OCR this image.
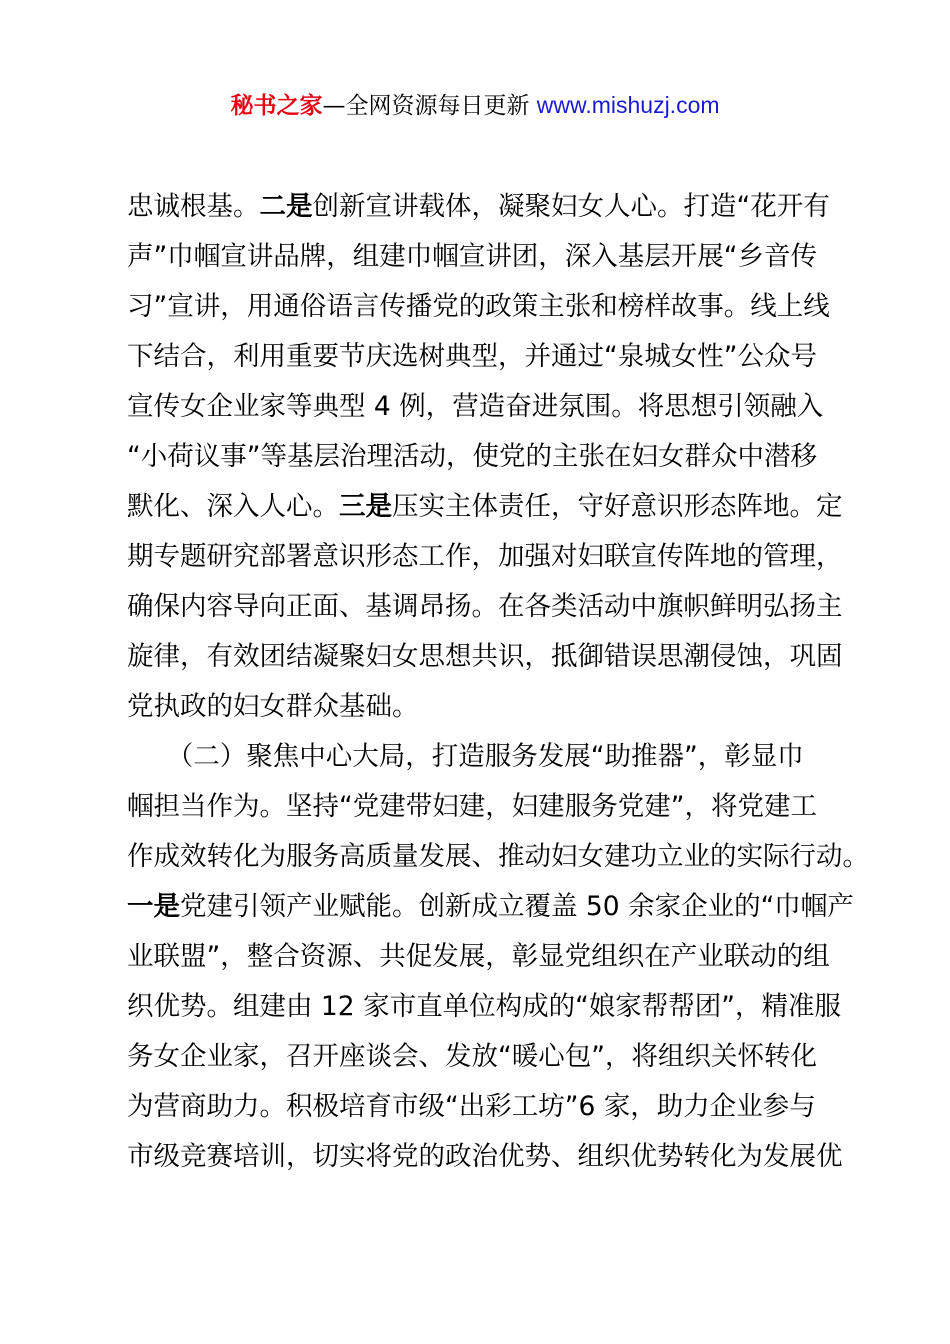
秘书之家—全网资源每日更新 www.mishuzj.com
忠诚根基。二是创新宣讲载体，凝聚妇女人心。打造“花开有
声”巾帼宣讲品牌，组建巾帼宣讲团，深入基层开展“乡音传
习”宣讲，用通俗语言传播党的政策主张和榜样故事。线上线
下结合，利用重要节庆选树典型，并通过“泉城女性”公众号
宣传女企业家等典型 4 例，营造奋进氛围。将思想引领融入
“小荷议事”等基层治理活动，使党的主张在妇女群众中潜移
默化、深入人心。三是压实主体责任，守好意识形态阵地。定
期专题研究部署意识形态工作，加强对妇联宣传阵地的管理，
确保内容导向正面、基调昂扬。在各类活动中旗帜鲜明弘扬主
旋律，有效团结凝聚妇女思想共识，抵御错误思潮侵蚀，巩固
党执政的妇女群众基础。
　　（二）聚焦中心大局，打造服务发展“助推器”，彰显巾
帼担当作为。坚持“党建带妇建，妇建服务党建”，将党建工
作成效转化为服务高质量发展、推动妇女建功立业的实际行动。
一是党建引领产业赋能。创新成立覆盖 50 余家企业的“巾帼产
业联盟”，整合资源、共促发展，彰显党组织在产业联动的组
织优势。组建由 12 家市直单位构成的“娘家帮帮团”，精准服
务女企业家，召开座谈会、发放“暖心包”，将组织关怀转化
为营商助力。积极培育市级“出彩工坊”6 家，助力企业参与
市级竞赛培训，切实将党的政治优势、组织优势转化为发展优
